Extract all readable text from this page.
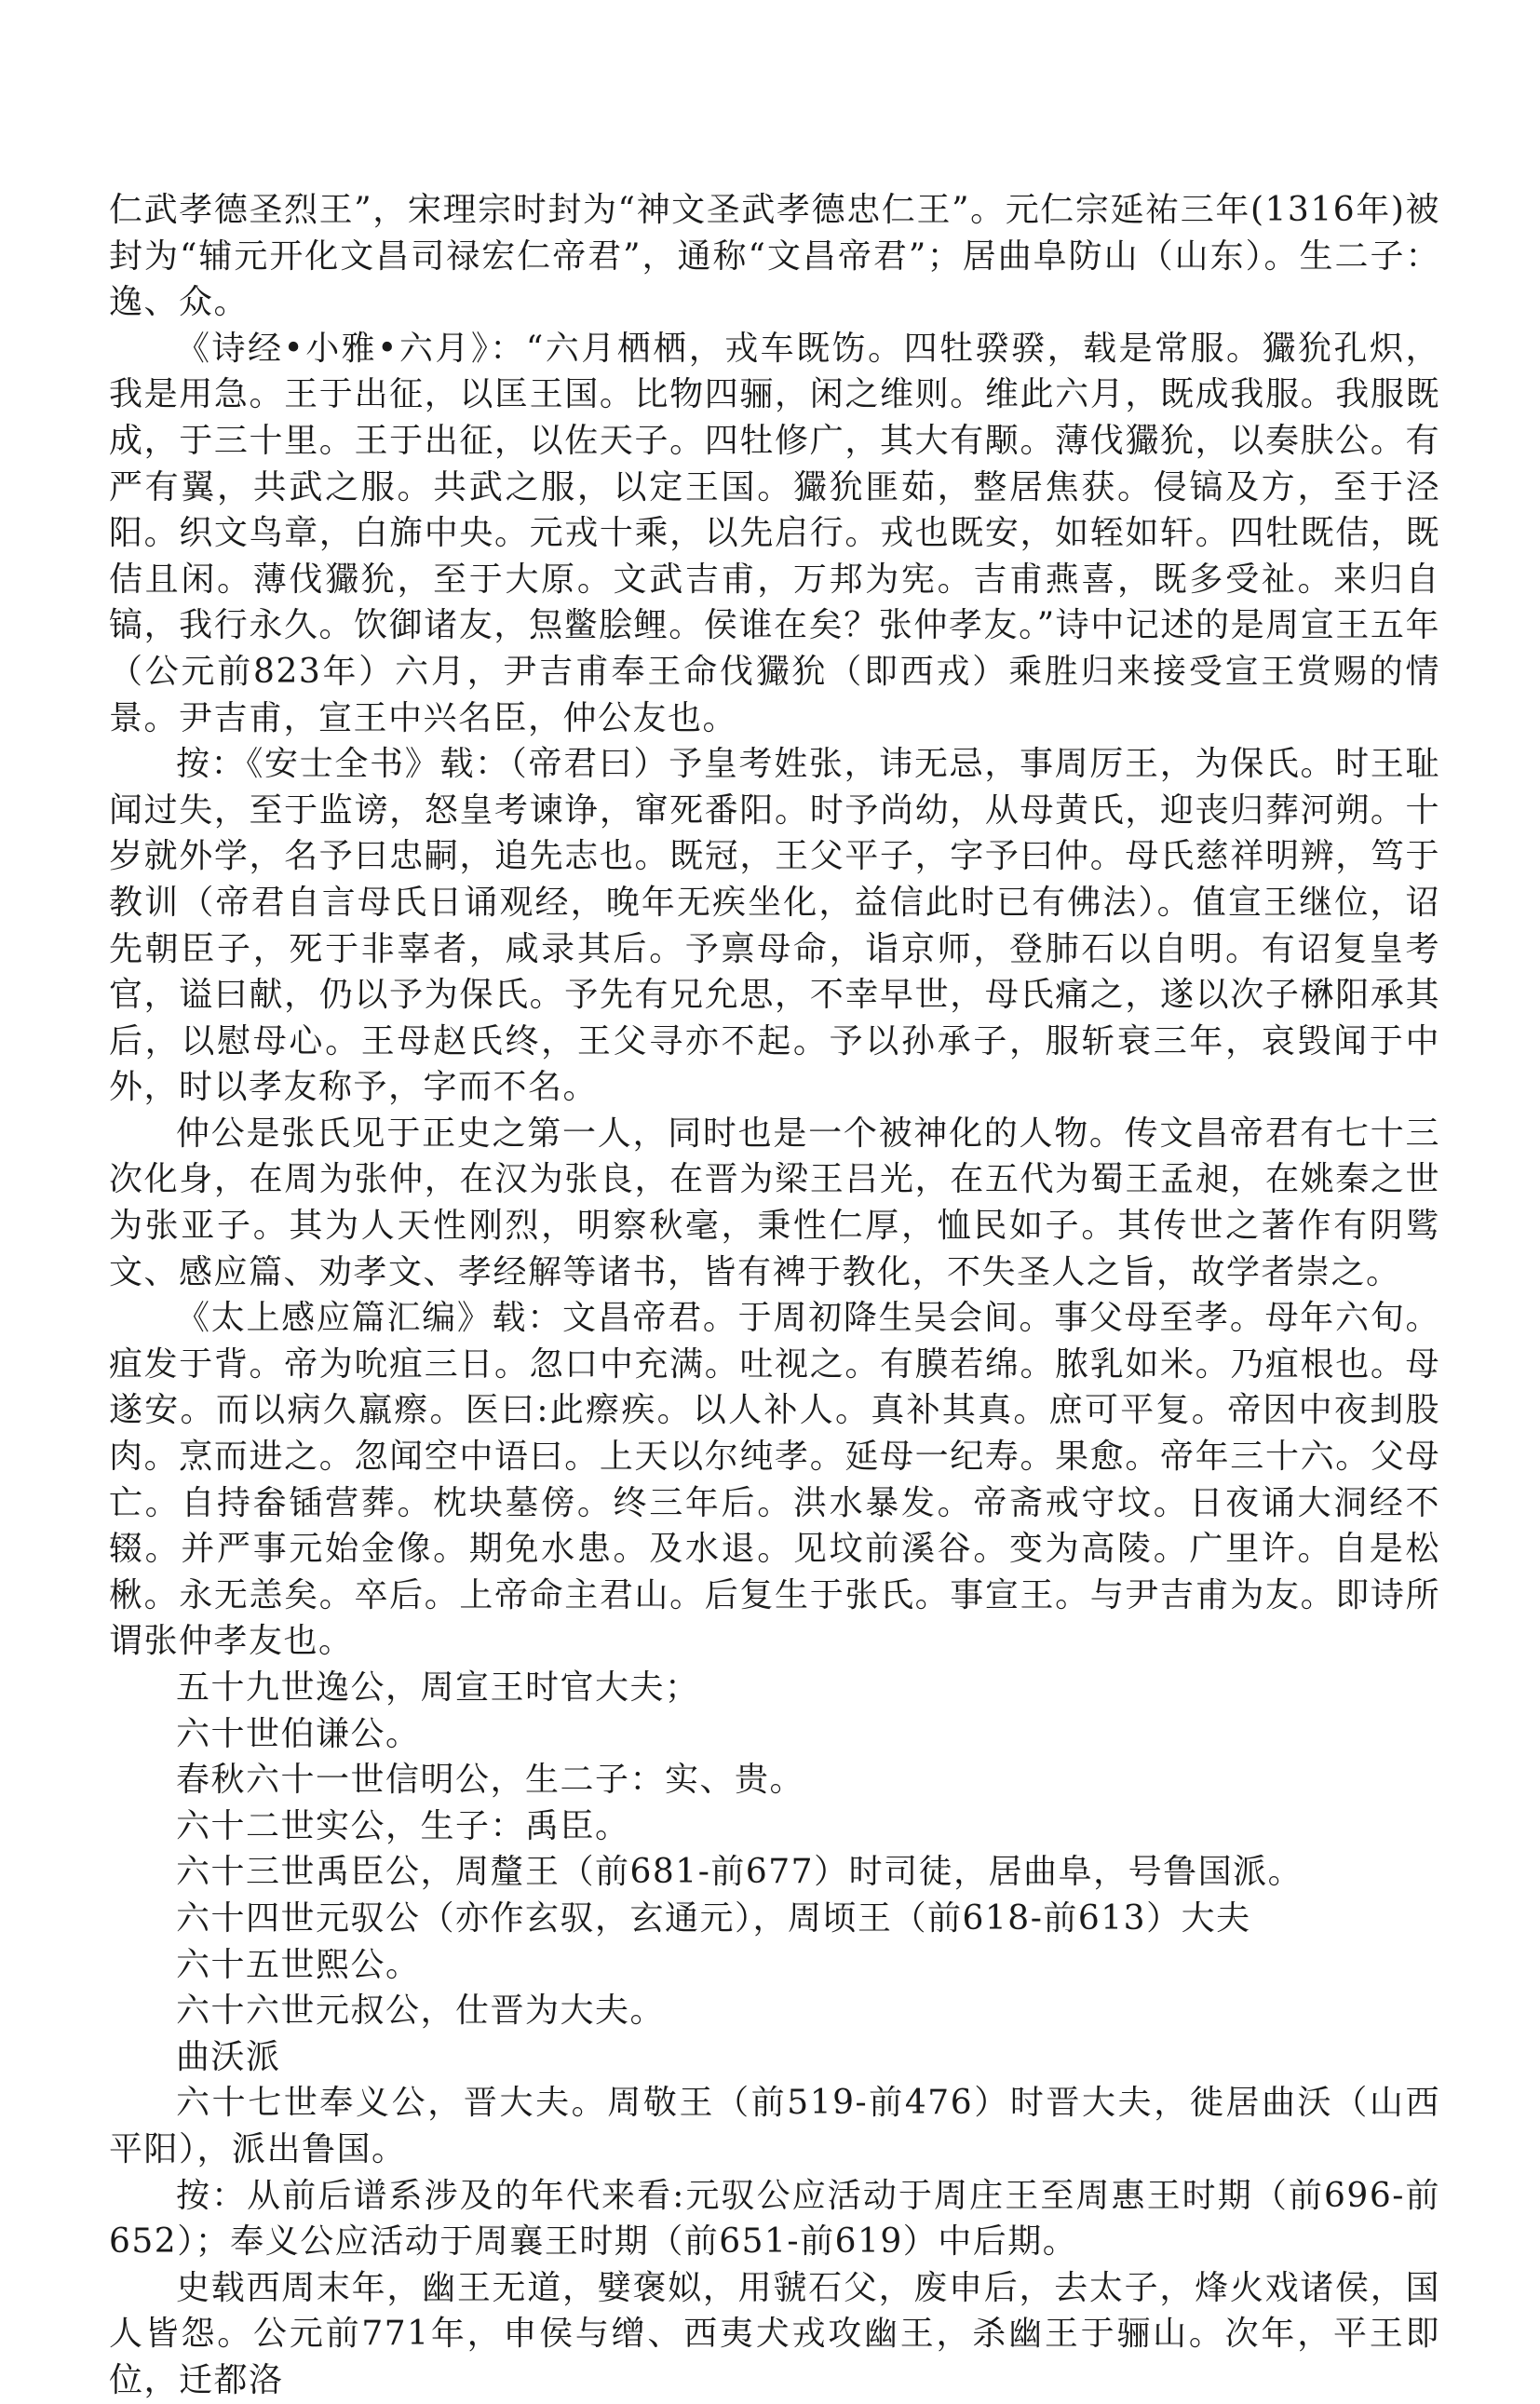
仁武孝德圣烈王”，宋理宗时封为“神文圣武孝德忠仁王”。元仁宗延祐三年(1316年)被封为“辅元开化文昌司禄宏仁帝君”，通称“文昌帝君”；居曲阜防山（山东）。生二子：逸、众。

《诗经•小雅•六月》：“六月栖栖，戎车既饬。四牡骙骙，载是常服。玁狁孔炽，我是用急。王于出征，以匡王国。比物四骊，闲之维则。维此六月，既成我服。我服既成，于三十里。王于出征，以佐天子。四牡修广，其大有颙。薄伐玁狁，以奏肤公。有严有翼，共武之服。共武之服，以定王国。玁狁匪茹，整居焦获。侵镐及方，至于泾阳。织文鸟章，白旆中央。元戎十乘，以先启行。戎也既安，如轾如轩。四牡既佶，既佶且闲。薄伐玁狁，至于大原。文武吉甫，万邦为宪。吉甫燕喜，既多受祉。来归自镐，我行永久。饮御诸友，炰鳖脍鲤。侯谁在矣？张仲孝友。”诗中记述的是周宣王五年（公元前823年）六月，尹吉甫奉王命伐玁狁（即西戎）乘胜归来接受宣王赏赐的情景。尹吉甫，宣王中兴名臣，仲公友也。

按：《安士全书》载：（帝君曰）予皇考姓张，讳无忌，事周厉王，为保氏。时王耻闻过失，至于监谤，怒皇考谏诤，窜死番阳。时予尚幼，从母黄氏，迎丧归葬河朔。十岁就外学，名予曰忠嗣，追先志也。既冠，王父平子，字予曰仲。母氏慈祥明辨，笃于教训（帝君自言母氏日诵观经，晚年无疾坐化，益信此时已有佛法）。值宣王继位，诏先朝臣子，死于非辜者，咸录其后。予禀母命，诣京师，登肺石以自明。有诏复皇考官，谥曰献，仍以予为保氏。予先有兄允思，不幸早世，母氏痛之，遂以次子楙阳承其后，以慰母心。王母赵氏终，王父寻亦不起。予以孙承子，服斩衰三年，哀毁闻于中外，时以孝友称予，字而不名。

仲公是张氏见于正史之第一人，同时也是一个被神化的人物。传文昌帝君有七十三次化身，在周为张仲，在汉为张良，在晋为梁王吕光，在五代为蜀王孟昶，在姚秦之世为张亚子。其为人天性刚烈，明察秋毫，秉性仁厚，恤民如子。其传世之著作有阴骘文、感应篇、劝孝文、孝经解等诸书，皆有裨于教化，不失圣人之旨，故学者崇之。

《太上感应篇汇编》载：文昌帝君。于周初降生吴会间。事父母至孝。母年六旬。疽发于背。帝为吮疽三日。忽口中充满。吐视之。有膜若绵。脓乳如米。乃疽根也。母遂安。而以病久羸瘵。医曰:此瘵疾。以人补人。真补其真。庶可平复。帝因中夜刲股肉。烹而进之。忽闻空中语曰。上天以尔纯孝。延母一纪寿。果愈。帝年三十六。父母亡。自持畚锸营葬。枕块墓傍。终三年后。洪水暴发。帝斋戒守坟。日夜诵大洞经不辍。并严事元始金像。期免水患。及水退。见坟前溪谷。变为高陵。广里许。自是松楸。永无恙矣。卒后。上帝命主君山。后复生于张氏。事宣王。与尹吉甫为友。即诗所谓张仲孝友也。

五十九世逸公，周宣王时官大夫；

六十世伯谦公。

春秋六十一世信明公，生二子：实、贵。

六十二世实公，生子：禹臣。

六十三世禹臣公，周釐王（前681-前677）时司徒，居曲阜，号鲁国派。

六十四世元驭公（亦作玄驭，玄通元），周顷王（前618-前613）大夫

六十五世熙公。

六十六世元叔公，仕晋为大夫。

曲沃派

六十七世奉义公，晋大夫。周敬王（前519-前476）时晋大夫，徙居曲沃（山西平阳），派出鲁国。

按：从前后谱系涉及的年代来看:元驭公应活动于周庄王至周惠王时期（前696-前652）；奉义公应活动于周襄王时期（前651-前619）中后期。

史载西周末年，幽王无道，嬖褒姒，用虢石父，废申后，去太子，烽火戏诸侯，国人皆怨。公元前771年，申侯与缯、西夷犬戎攻幽王，杀幽王于骊山。次年，平王即位，迁都洛
